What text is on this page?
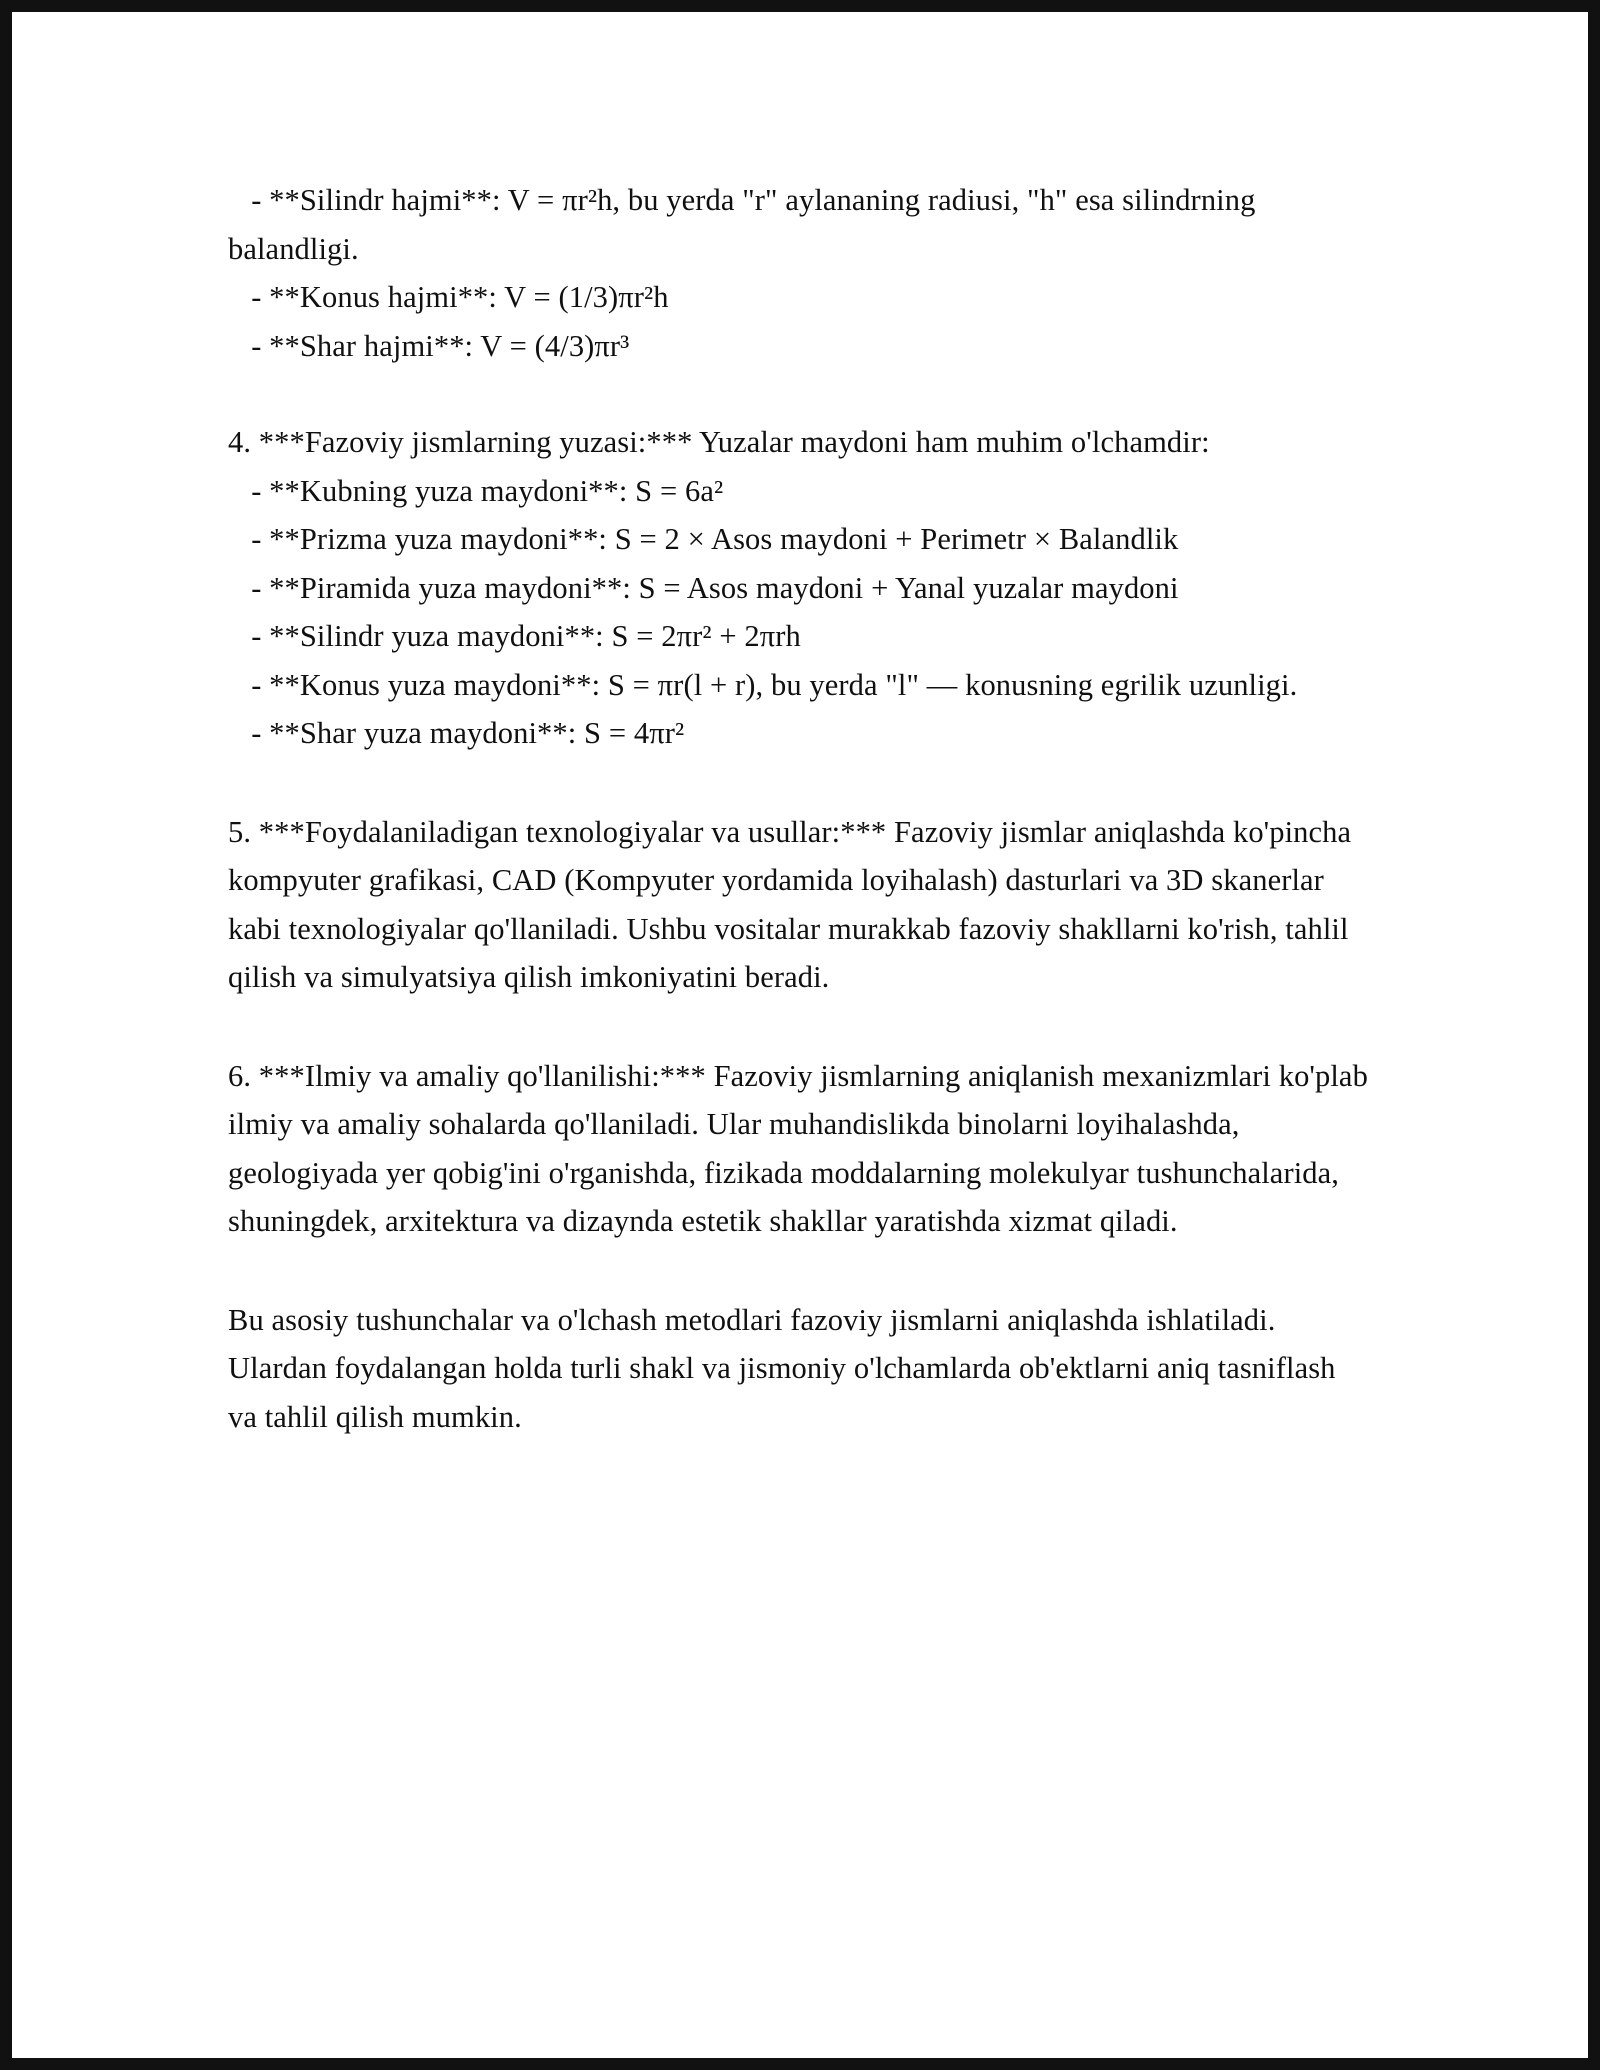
- **Silindr hajmi**: V = πr²h, bu yerda "r" aylananing radiusi, "h" esa silindrning balandligi.
- **Konus hajmi**: V = (1/3)πr²h
- **Shar hajmi**: V = (4/3)πr³
4. ***Fazoviy jismlarning yuzasi:*** Yuzalar maydoni ham muhim o'lchamdir:
- **Kubning yuza maydoni**: S = 6a²
- **Prizma yuza maydoni**: S = 2 × Asos maydoni + Perimetr × Balandlik
- **Piramida yuza maydoni**: S = Asos maydoni + Yanal yuzalar maydoni
- **Silindr yuza maydoni**: S = 2πr² + 2πrh
- **Konus yuza maydoni**: S = πr(l + r), bu yerda "l" — konusning egrilik uzunligi.
- **Shar yuza maydoni**: S = 4πr²
5. ***Foydalaniladigan texnologiyalar va usullar:*** Fazoviy jismlar aniqlashda ko'pincha kompyuter grafikasi, CAD (Kompyuter yordamida loyihalash) dasturlari va 3D skanerlar kabi texnologiyalar qo'llaniladi. Ushbu vositalar murakkab fazoviy shakllarni ko'rish, tahlil qilish va simulyatsiya qilish imkoniyatini beradi.
6. ***Ilmiy va amaliy qo'llanilishi:*** Fazoviy jismlarning aniqlanish mexanizmlari ko'plab ilmiy va amaliy sohalarda qo'llaniladi. Ular muhandislikda binolarni loyihalashda, geologiyada yer qobig'ini o'rganishda, fizikada moddalarning molekulyar tushunchalarida, shuningdek, arxitektura va dizaynda estetik shakllar yaratishda xizmat qiladi.
Bu asosiy tushunchalar va o'lchash metodlari fazoviy jismlarni aniqlashda ishlatiladi. Ulardan foydalangan holda turli shakl va jismoniy o'lchamlarda ob'ektlarni aniq tasniflash va tahlil qilish mumkin.
